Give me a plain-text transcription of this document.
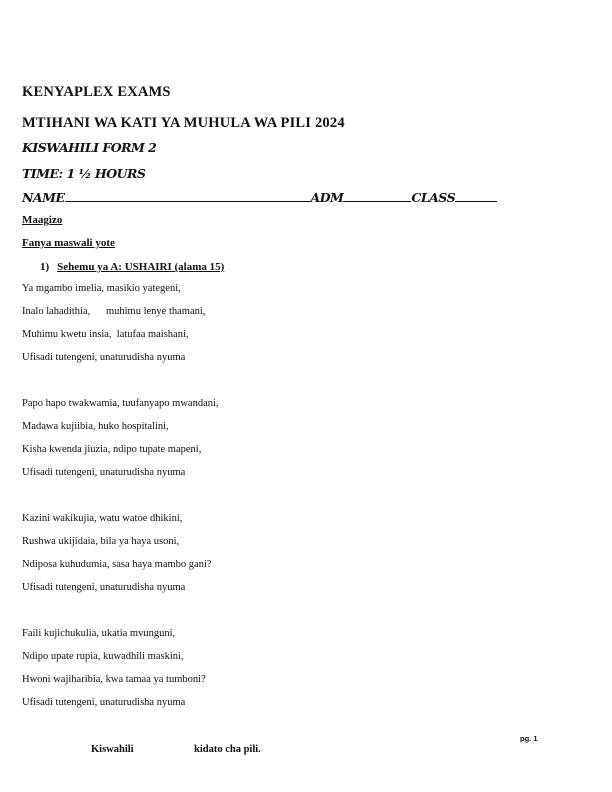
KENYAPLEX EXAMS
MTIHANI WA KATI YA MUHULA WA PILI 2024
KISWAHILI FORM 2
TIME: 1 ½ HOURS
NAME	ADM	CLASS
Maagizo
Fanya maswali yote
1) Sehemu ya A: USHAIRI (alama 15)
Ya mgambo imelia, masikio yategeni,
Inalo lahadithia,      muhimu lenye thamani,
Muhimu kwetu insia,  latufaa maishani,
Ufisadi tutengeni, unaturudisha nyuma
Papo hapo twakwamia, tuufanyapo mwandani,
Madawa kujiibia, huko hospitalini,
Kisha kwenda jiuzia, ndipo tupate mapeni,
Ufisadi tutengeni, unaturudisha nyuma
Kazini wakikujia, watu watoe dhikini,
Rushwa ukijidaia, bila ya haya usoni,
Ndiposa kuhudumia, sasa haya mambo gani?
Ufisadi tutengeni, unaturudisha nyuma
Faili kujichukulia, ukatia mvunguni,
Ndipo upate rupia, kuwadhili maskini,
Hwoni wajiharibia, kwa tamaa ya tumboni?
Ufisadi tutengeni, unaturudisha nyuma
pg. 1
Kiswahili	kidato cha pili.
